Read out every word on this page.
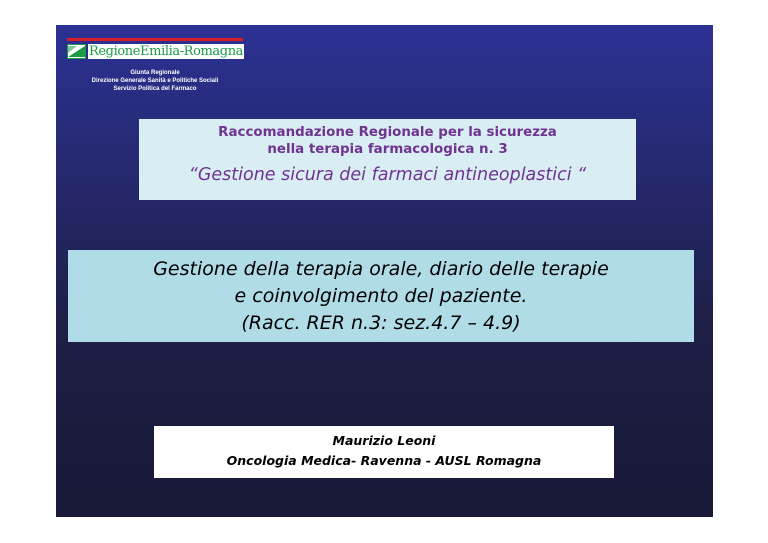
RegioneEmilia-Romagna
Giunta Regionale
Direzione Generale Sanità e Politiche Sociali
Servizio Politica del Farmaco
Raccomandazione Regionale per la sicurezza
nella terapia farmacologica n. 3
“Gestione sicura dei farmaci antineoplastici “
Gestione della terapia orale, diario delle terapie
e coinvolgimento del paziente.
(Racc. RER n.3: sez.4.7 – 4.9)
Maurizio Leoni
Oncologia Medica- Ravenna - AUSL Romagna
